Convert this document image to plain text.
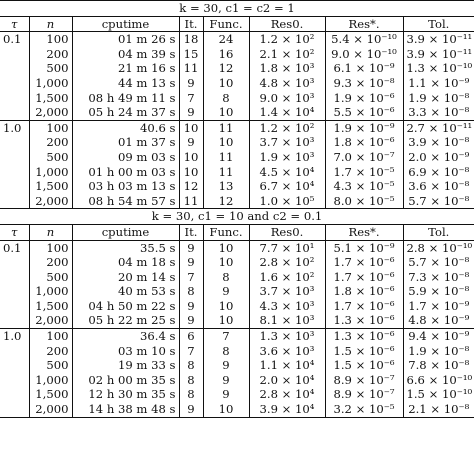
k = 30, c1 = c2 = 1							
τ	n	cputime	It.	Func.	Res0.	Res*.	Tol.
0.1	100	01 m 26 s	18	24	1.2 × 10²	5.4 × 10⁻¹⁰	3.9 × 10⁻¹¹
	200	04 m 39 s	15	16	2.1 × 10²	9.0 × 10⁻¹⁰	3.9 × 10⁻¹¹
	500	21 m 16 s	11	12	1.8 × 10³	6.1 × 10⁻⁹	1.3 × 10⁻¹⁰
	1,000	44 m 13 s	9	10	4.8 × 10³	9.3 × 10⁻⁸	1.1 × 10⁻⁹
	1,500	08 h 49 m 11 s	7	8	9.0 × 10³	1.9 × 10⁻⁶	1.9 × 10⁻⁸
	2,000	05 h 24 m 37 s	9	10	1.4 × 10⁴	5.5 × 10⁻⁶	3.3 × 10⁻⁸
1.0	100	40.6 s	10	11	1.2 × 10²	1.9 × 10⁻⁹	2.7 × 10⁻¹¹
	200	01 m 37 s	9	10	3.7 × 10³	1.8 × 10⁻⁶	3.9 × 10⁻⁸
	500	09 m 03 s	10	11	1.9 × 10³	7.0 × 10⁻⁷	2.0 × 10⁻⁹
	1,000	01 h 00 m 03 s	10	11	4.5 × 10⁴	1.7 × 10⁻⁵	6.9 × 10⁻⁸
	1,500	03 h 03 m 13 s	12	13	6.7 × 10⁴	4.3 × 10⁻⁵	3.6 × 10⁻⁸
	2,000	08 h 54 m 57 s	11	12	1.0 × 10⁵	8.0 × 10⁻⁵	5.7 × 10⁻⁸
k = 30, c1 = 10 and c2 = 0.1							
τ	n	cputime	It.	Func.	Res0.	Res*.	Tol.
0.1	100	35.5 s	9	10	7.7 × 10¹	5.1 × 10⁻⁹	2.8 × 10⁻¹⁰
	200	04 m 18 s	9	10	2.8 × 10²	1.7 × 10⁻⁶	5.7 × 10⁻⁸
	500	20 m 14 s	7	8	1.6 × 10²	1.7 × 10⁻⁶	7.3 × 10⁻⁸
	1,000	40 m 53 s	8	9	3.7 × 10³	1.8 × 10⁻⁶	5.9 × 10⁻⁸
	1,500	04 h 50 m 22 s	9	10	4.3 × 10³	1.7 × 10⁻⁶	1.7 × 10⁻⁹
	2,000	05 h 22 m 25 s	9	10	8.1 × 10³	1.3 × 10⁻⁶	4.8 × 10⁻⁹
1.0	100	36.4 s	6	7	1.3 × 10³	1.3 × 10⁻⁶	9.4 × 10⁻⁹
	200	03 m 10 s	7	8	3.6 × 10³	1.5 × 10⁻⁶	1.9 × 10⁻⁸
	500	19 m 33 s	8	9	1.1 × 10⁴	1.5 × 10⁻⁶	7.8 × 10⁻⁸
	1,000	02 h 00 m 35 s	8	9	2.0 × 10⁴	8.9 × 10⁻⁷	6.6 × 10⁻¹⁰
	1,500	12 h 30 m 35 s	8	9	2.8 × 10⁴	8.9 × 10⁻⁷	1.5 × 10⁻¹⁰
	2,000	14 h 38 m 48 s	9	10	3.9 × 10⁴	3.2 × 10⁻⁵	2.1 × 10⁻⁸
